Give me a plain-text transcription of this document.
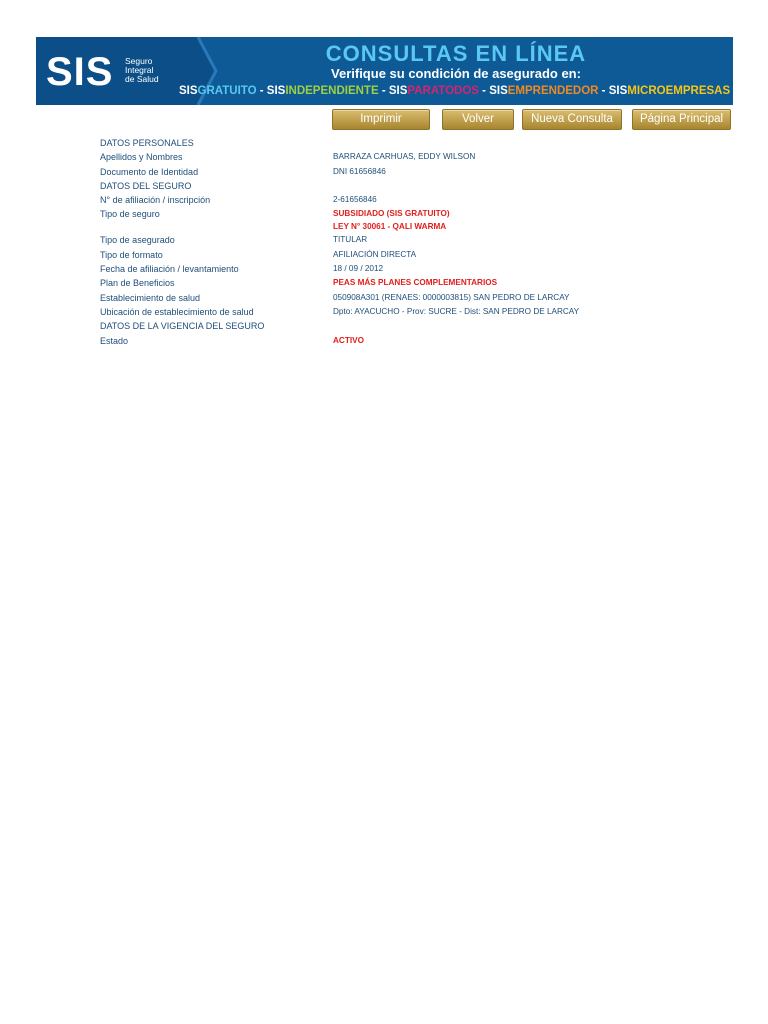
SIS Seguro
Integral
de Salud
CONSULTAS EN LÍNEA
Verifique su condición de asegurado en:
SISGRATUITO - SISINDEPENDIENTE - SISPARATODOS - SISEMPRENDEDOR - SISMICROEMPRESAS
Imprimir	Volver	Nueva Consulta	Página Principal
DATOS PERSONALES
Apellidos y Nombres	BARRAZA CARHUAS, EDDY WILSON
Documento de Identidad	DNI 61656846
DATOS DEL SEGURO
N° de afiliación / inscripción	2-61656846
Tipo de seguro	SUBSIDIADO (SIS GRATUITO)
LEY N° 30061 - QALI WARMA
Tipo de asegurado	TITULAR
Tipo de formato	AFILIACIÓN DIRECTA
Fecha de afiliación / levantamiento	18 / 09 / 2012
Plan de Beneficios	PEAS MÁS PLANES COMPLEMENTARIOS
Establecimiento de salud	050908A301 (RENAES: 0000003815) SAN PEDRO DE LARCAY
Ubicación de establecimiento de salud	Dpto: AYACUCHO - Prov: SUCRE - Dist: SAN PEDRO DE LARCAY
DATOS DE LA VIGENCIA DEL SEGURO
Estado	ACTIVO
